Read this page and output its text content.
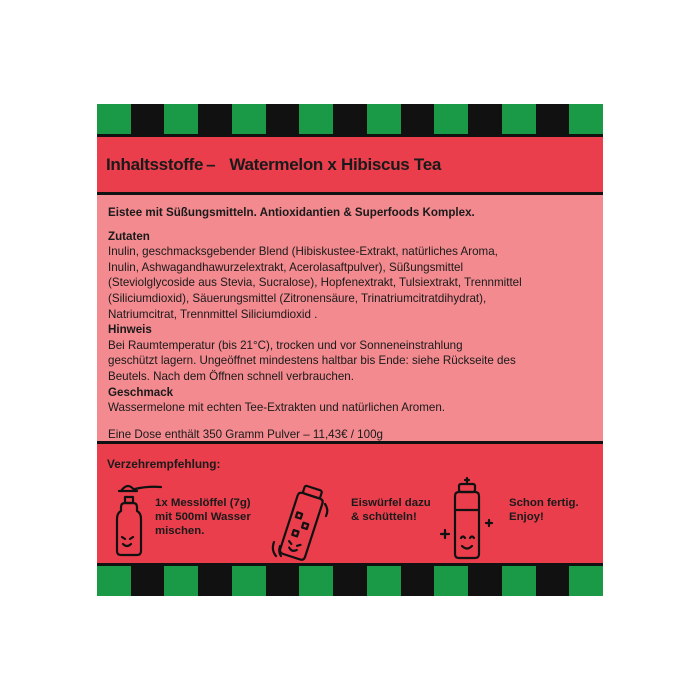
Inhaltsstoffe – Watermelon x Hibiscus Tea
Eistee mit Süßungsmitteln. Antioxidantien & Superfoods Komplex.
Zutaten
Inulin, geschmacksgebender Blend (Hibiskustee-Extrakt, natürliches Aroma,
Inulin, Ashwagandhawurzelextrakt, Acerolasaftpulver), Süßungsmittel
(Steviolglycoside aus Stevia, Sucralose), Hopfenextrakt, Tulsiextrakt, Trennmittel
(Siliciumdioxid), Säuerungsmittel (Zitronensäure, Trinatriumcitratdihydrat),
Natriumcitrat, Trennmittel Siliciumdioxid .
Hinweis
Bei Raumtemperatur (bis 21°C), trocken und vor Sonneneinstrahlung
geschützt lagern. Ungeöffnet mindestens haltbar bis Ende: siehe Rückseite des
Beutels. Nach dem Öffnen schnell verbrauchen.
Geschmack
Wassermelone mit echten Tee-Extrakten und natürlichen Aromen.
Eine Dose enthält 350 Gramm Pulver – 11,43€ / 100g
Verzehrempfehlung:
1x Messlöffel (7g)
mit 500ml Wasser
mischen.
Eiswürfel dazu
& schütteln!
Schon fertig.
Enjoy!
